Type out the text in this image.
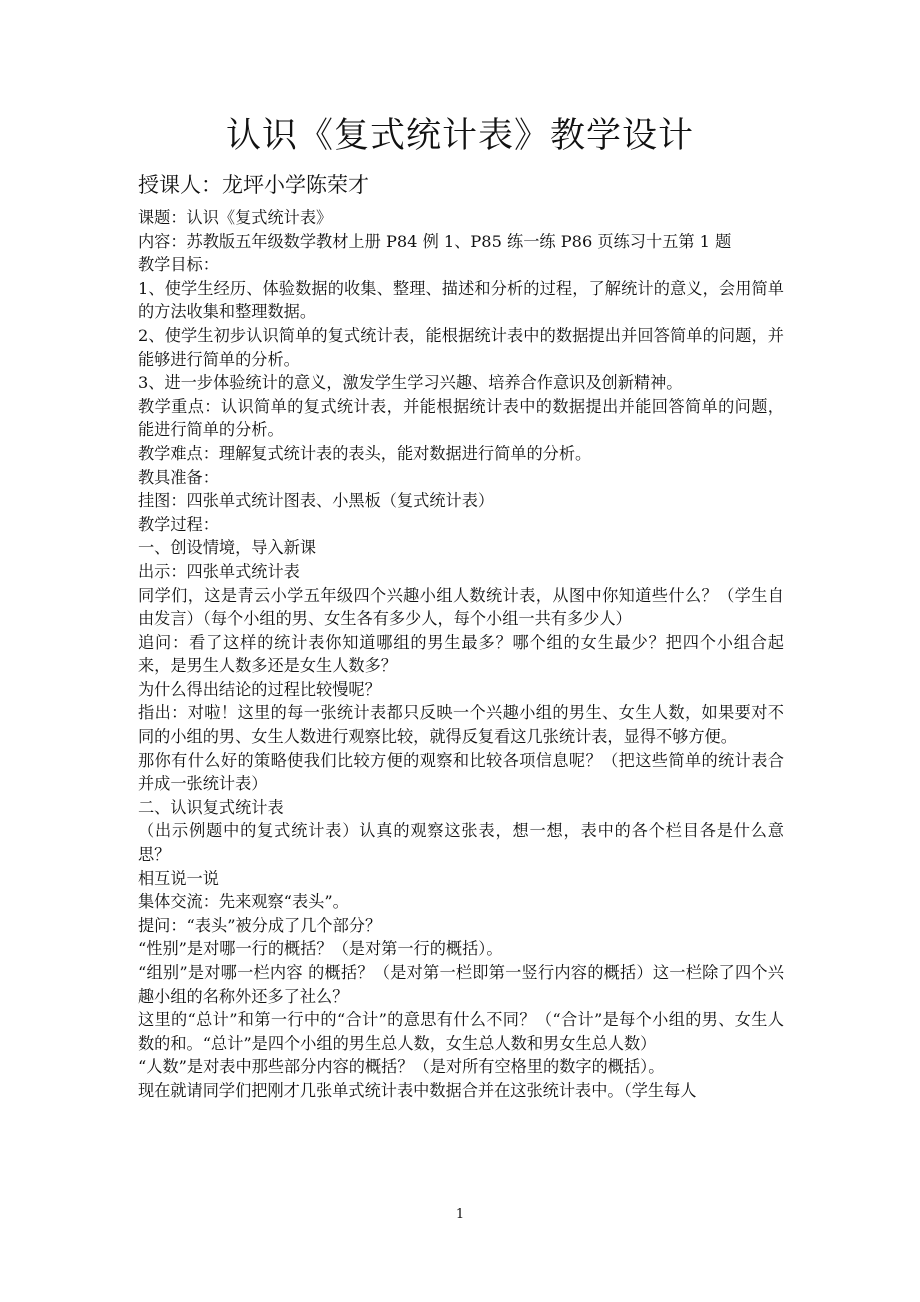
认识《复式统计表》教学设计

授课人：龙坪小学陈荣才

课题：认识《复式统计表》

内容：苏教版五年级数学教材上册 P84 例 1、P85 练一练 P86 页练习十五第 1 题

教学目标：

1、使学生经历、体验数据的收集、整理、描述和分析的过程，了解统计的意义，会用简单的方法收集和整理数据。

2、使学生初步认识简单的复式统计表，能根据统计表中的数据提出并回答简单的问题，并能够进行简单的分析。

3、进一步体验统计的意义，激发学生学习兴趣、培养合作意识及创新精神。

教学重点：认识简单的复式统计表，并能根据统计表中的数据提出并能回答简单的问题，能进行简单的分析。

教学难点：理解复式统计表的表头，能对数据进行简单的分析。

教具准备：

挂图：四张单式统计图表、小黑板（复式统计表）

教学过程：

一、创设情境，导入新课

出示：四张单式统计表

同学们，这是青云小学五年级四个兴趣小组人数统计表，从图中你知道些什么？（学生自由发言）（每个小组的男、女生各有多少人，每个小组一共有多少人）

追问：看了这样的统计表你知道哪组的男生最多？哪个组的女生最少？把四个小组合起来，是男生人数多还是女生人数多？

为什么得出结论的过程比较慢呢？

指出：对啦！这里的每一张统计表都只反映一个兴趣小组的男生、女生人数，如果要对不同的小组的男、女生人数进行观察比较，就得反复看这几张统计表，显得不够方便。

那你有什么好的策略使我们比较方便的观察和比较各项信息呢？（把这些简单的统计表合并成一张统计表）

二、认识复式统计表

（出示例题中的复式统计表）认真的观察这张表，想一想，表中的各个栏目各是什么意思？

相互说一说

集体交流：先来观察“表头”。

提问：“表头”被分成了几个部分？

“性别”是对哪一行的概括？（是对第一行的概括）。

“组别”是对哪一栏内容 的概括？（是对第一栏即第一竖行内容的概括）这一栏除了四个兴趣小组的名称外还多了社么？

这里的“总计”和第一行中的“合计”的意思有什么不同？（“合计”是每个小组的男、女生人数的和。“总计”是四个小组的男生总人数，女生总人数和男女生总人数）

“人数”是对表中那些部分内容的概括？（是对所有空格里的数字的概括）。

现在就请同学们把刚才几张单式统计表中数据合并在这张统计表中。（学生每人

1
